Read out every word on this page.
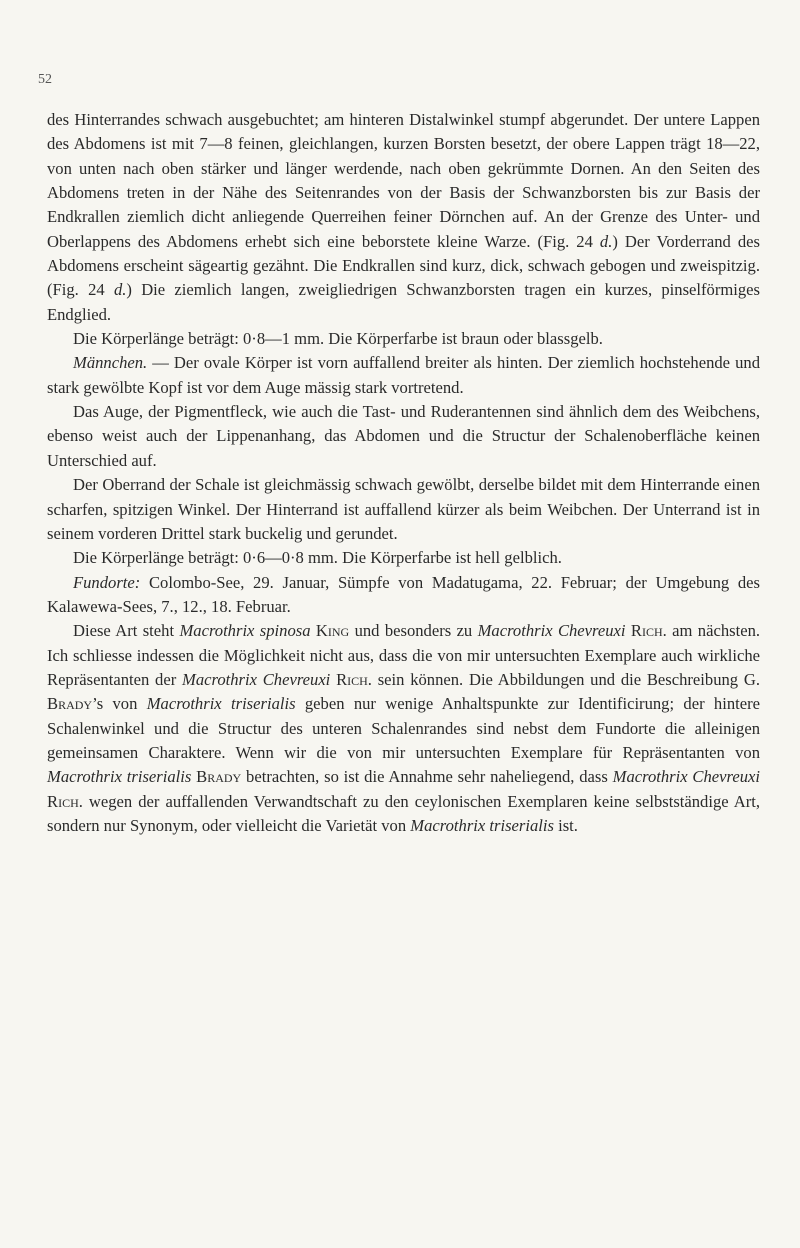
52

des Hinterrandes schwach ausgebuchtet; am hinteren Distalwinkel stumpf abgerundet. Der untere Lappen des Abdomens ist mit 7—8 feinen, gleichlangen, kurzen Borsten besetzt, der obere Lappen trägt 18—22, von unten nach oben stärker und länger werdende, nach oben gekrümmte Dornen. An den Seiten des Abdomens treten in der Nähe des Seitenrandes von der Basis der Schwanzborsten bis zur Basis der Endkrallen ziemlich dicht anliegende Querreihen feiner Dörnchen auf. An der Grenze des Unter- und Oberlappens des Abdomens erhebt sich eine beborstete kleine Warze. (Fig. 24 d.) Der Vorderrand des Abdomens erscheint sägeartig gezähnt. Die Endkrallen sind kurz, dick, schwach gebogen und zweispitzig. (Fig. 24 d.) Die ziemlich langen, zweigliedrigen Schwanzborsten tragen ein kurzes, pinselförmiges Endglied.

Die Körperlänge beträgt: 0·8—1 mm. Die Körperfarbe ist braun oder blassgelb.

Männchen. — Der ovale Körper ist vorn auffallend breiter als hinten. Der ziemlich hochstehende und stark gewölbte Kopf ist vor dem Auge mässig stark vortretend.

Das Auge, der Pigmentfleck, wie auch die Tast- und Ruderantennen sind ähnlich dem des Weibchens, ebenso weist auch der Lippenanhang, das Abdomen und die Structur der Schalenoberfläche keinen Unterschied auf.

Der Oberrand der Schale ist gleichmässig schwach gewölbt, derselbe bildet mit dem Hinterrande einen scharfen, spitzigen Winkel. Der Hinterrand ist auffallend kürzer als beim Weibchen. Der Unterrand ist in seinem vorderen Drittel stark buckelig und gerundet.

Die Körperlänge beträgt: 0·6—0·8 mm. Die Körperfarbe ist hell gelblich.

Fundorte: Colombo-See, 29. Januar, Sümpfe von Madatugama, 22. Februar; der Umgebung des Kalawewa-Sees, 7., 12., 18. Februar.

Diese Art steht Macrothrix spinosa King und besonders zu Macrothrix Chevreuxi Rich. am nächsten. Ich schliesse indessen die Möglichkeit nicht aus, dass die von mir untersuchten Exemplare auch wirkliche Repräsentanten der Macrothrix Chevreuxi Rich. sein können. Die Abbildungen und die Beschreibung G. Brady’s von Macrothrix triserialis geben nur wenige Anhaltspunkte zur Identificirung; der hintere Schalenwinkel und die Structur des unteren Schalenrandes sind nebst dem Fundorte die alleinigen gemeinsamen Charaktere. Wenn wir die von mir untersuchten Exemplare für Repräsentanten von Macrothrix triserialis Brady betrachten, so ist die Annahme sehr naheliegend, dass Macrothrix Chevreuxi Rich. wegen der auffallenden Verwandtschaft zu den ceylonischen Exemplaren keine selbstständige Art, sondern nur Synonym, oder vielleicht die Varietät von Macrothrix triserialis ist.
